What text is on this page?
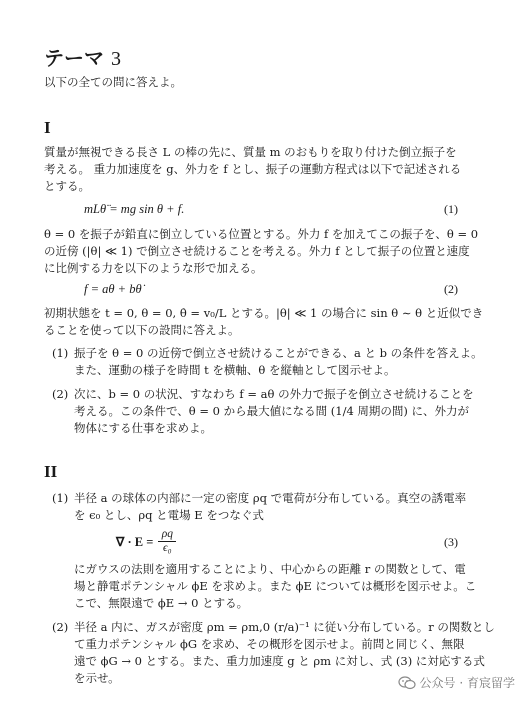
テーマ 3
以下の全ての問に答えよ。
I
質量が無視できる長さ L の棒の先に、質量 m のおもりを取り付けた倒立振子を
考える。 重力加速度を g、外力を f とし、振子の運動方程式は以下で記述される
とする。
mLθ̈ = mg sin θ + f.	(1)
θ = 0 を振子が鉛直に倒立している位置とする。外力 f を加えてこの振子を、θ = 0
の近傍 (|θ| ≪ 1) で倒立させ続けることを考える。外力 f として振子の位置と速度
に比例する力を以下のような形で加える。
f = aθ + bθ̇	(2)
初期状態を t = 0, θ = 0, θ̇ = v₀/L とする。|θ| ≪ 1 の場合に sin θ ∼ θ と近似でき
ることを使って以下の設問に答えよ。
(1) 振子を θ = 0 の近傍で倒立させ続けることができる、a と b の条件を答えよ。
また、運動の様子を時間 t を横軸、θ を縦軸として図示せよ。
(2) 次に、b = 0 の状況、すなわち f = aθ の外力で振子を倒立させ続けることを
考える。この条件で、θ = 0 から最大値になる間 (1/4 周期の間) に、外力が
物体にする仕事を求めよ。
II
(1) 半径 a の球体の内部に一定の密度 ρq で電荷が分布している。真空の誘電率
を ϵ₀ とし、ρq と電場 E をつなぐ式
∇ · E =
ρq
ϵ₀	(3)
にガウスの法則を適用することにより、中心からの距離 r の関数として、電
場と静電ポテンシャル ϕE を求めよ。また ϕE については概形を図示せよ。こ
こで、無限遠で ϕE → 0 とする。
(2) 半径 a 内に、ガスが密度 ρm = ρm,0 (r/a)⁻¹ に従い分布している。r の関数とし
て重力ポテンシャル ϕG を求め、その概形を図示せよ。前問と同じく、無限
遠で ϕG → 0 とする。また、重力加速度 g と ρm に対し、式 (3) に対応する式
を示せ。	公众号 · 育宸留学
